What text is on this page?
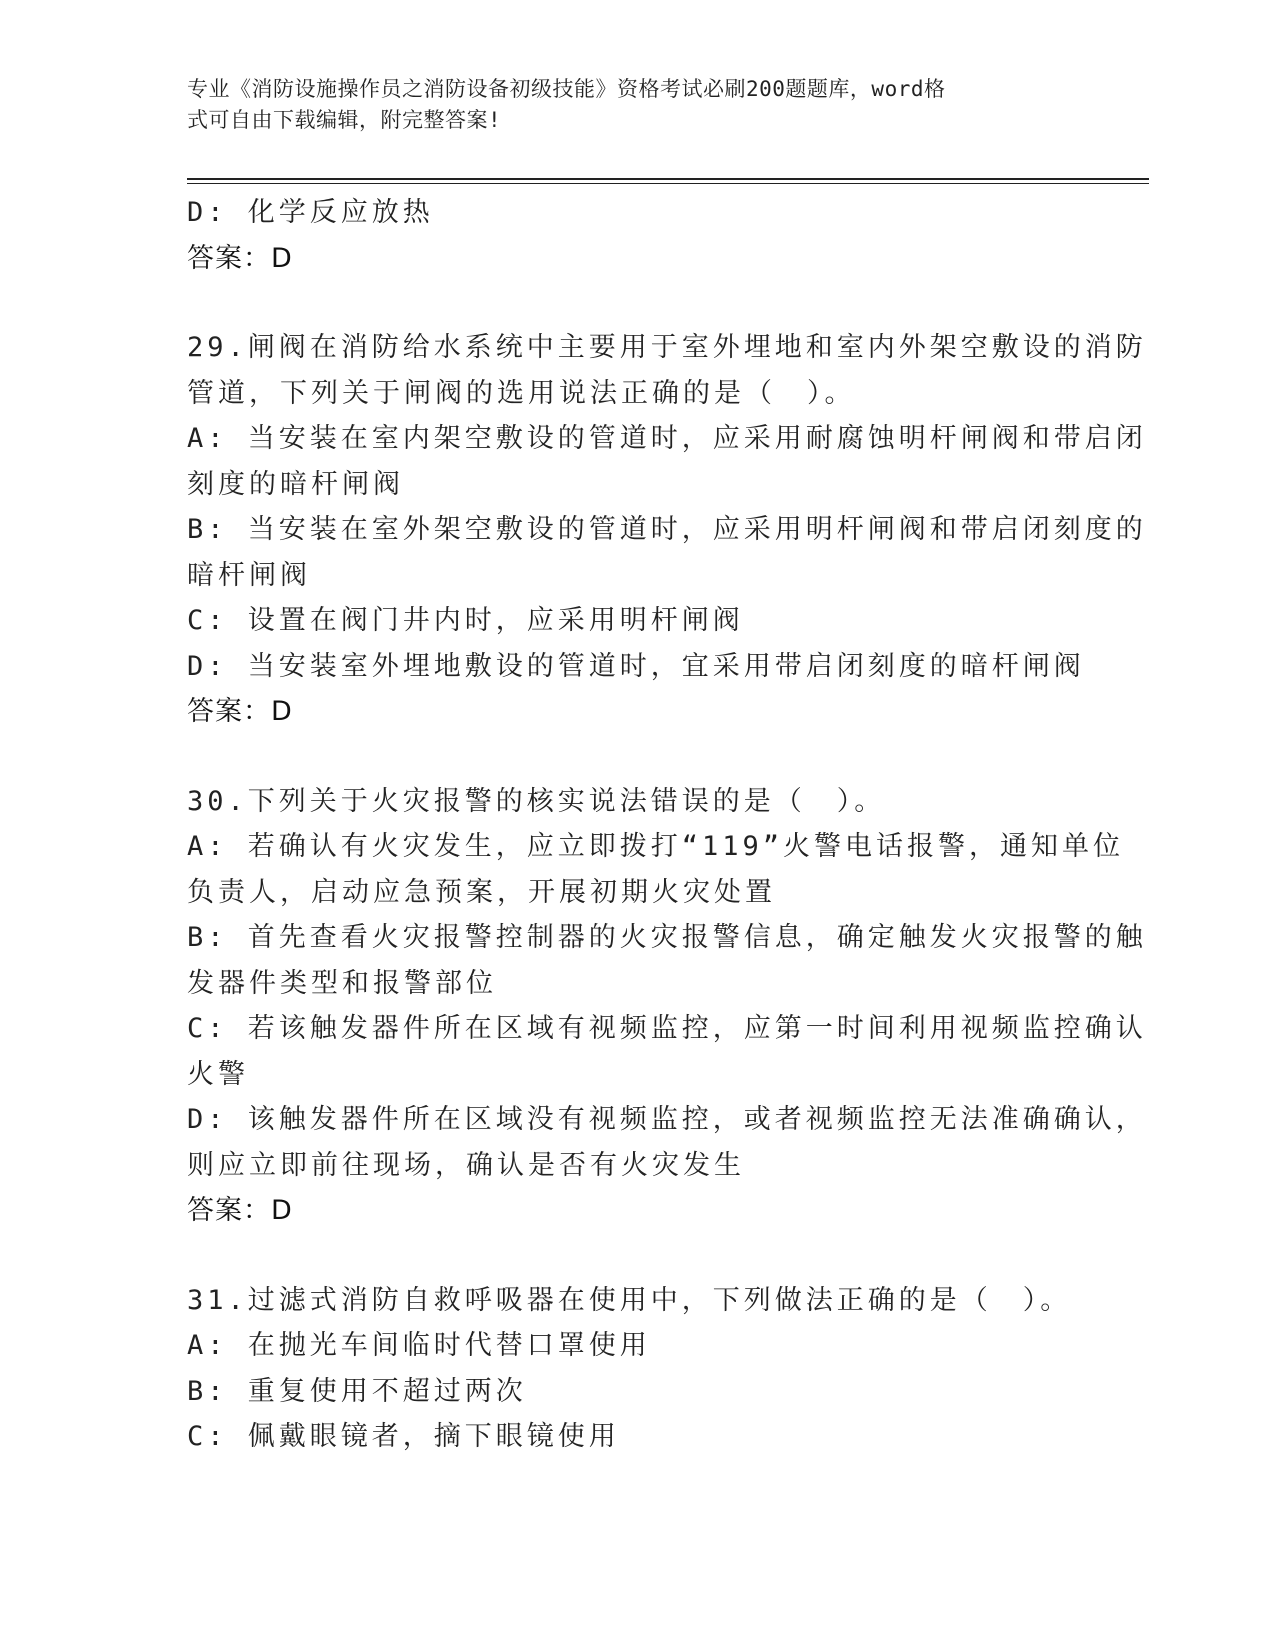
专业《消防设施操作员之消防设备初级技能》资格考试必刷200题题库，word格
式可自由下载编辑，附完整答案!
D: 化学反应放热
答案：D
29.闸阀在消防给水系统中主要用于室外埋地和室内外架空敷设的消防
管道，下列关于闸阀的选用说法正确的是（　）。
A: 当安装在室内架空敷设的管道时，应采用耐腐蚀明杆闸阀和带启闭
刻度的暗杆闸阀
B: 当安装在室外架空敷设的管道时，应采用明杆闸阀和带启闭刻度的
暗杆闸阀
C: 设置在阀门井内时，应采用明杆闸阀
D: 当安装室外埋地敷设的管道时，宜采用带启闭刻度的暗杆闸阀
答案：D
30.下列关于火灾报警的核实说法错误的是（　）。
A: 若确认有火灾发生，应立即拨打“119”火警电话报警，通知单位
负责人，启动应急预案，开展初期火灾处置
B: 首先查看火灾报警控制器的火灾报警信息，确定触发火灾报警的触
发器件类型和报警部位
C: 若该触发器件所在区域有视频监控，应第一时间利用视频监控确认
火警
D: 该触发器件所在区域没有视频监控，或者视频监控无法准确确认，
则应立即前往现场，确认是否有火灾发生
答案：D
31.过滤式消防自救呼吸器在使用中，下列做法正确的是（　）。
A: 在抛光车间临时代替口罩使用
B: 重复使用不超过两次
C: 佩戴眼镜者，摘下眼镜使用
